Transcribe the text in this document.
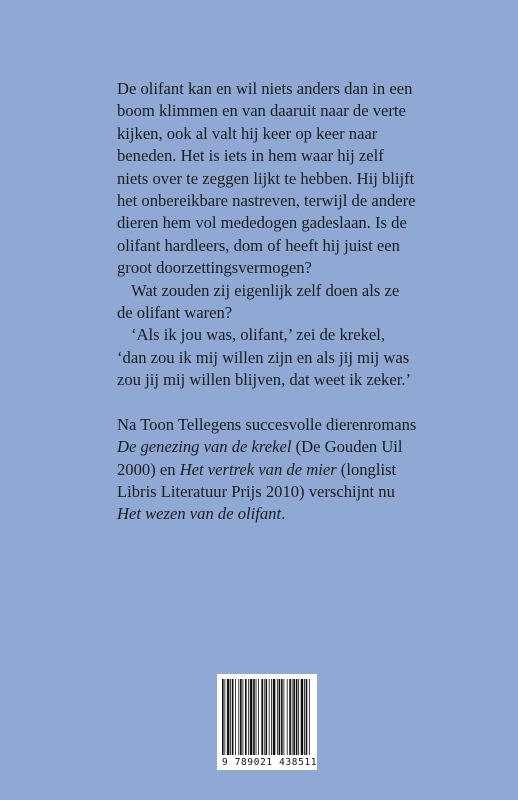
De olifant kan en wil niets anders dan in een boom klimmen en van daaruit naar de verte kijken, ook al valt hij keer op keer naar beneden. Het is iets in hem waar hij zelf niets over te zeggen lijkt te hebben. Hij blijft het onbereikbare nastreven, terwijl de andere dieren hem vol mededogen gadeslaan. Is de olifant hardleers, dom of heeft hij juist een groot doorzettingsvermogen?

Wat zouden zij eigenlijk zelf doen als ze de olifant waren?

‘Als ik jou was, olifant,’ zei de krekel, ‘dan zou ik mij willen zijn en als jij mij was zou jij mij willen blijven, dat weet ik zeker.’

Na Toon Tellegens succesvolle dierenromans De genezing van de krekel (De Gouden Uil 2000) en Het vertrek van de mier (longlist Libris Literatuur Prijs 2010) verschijnt nu Het wezen van de olifant.

9 789021 438511
